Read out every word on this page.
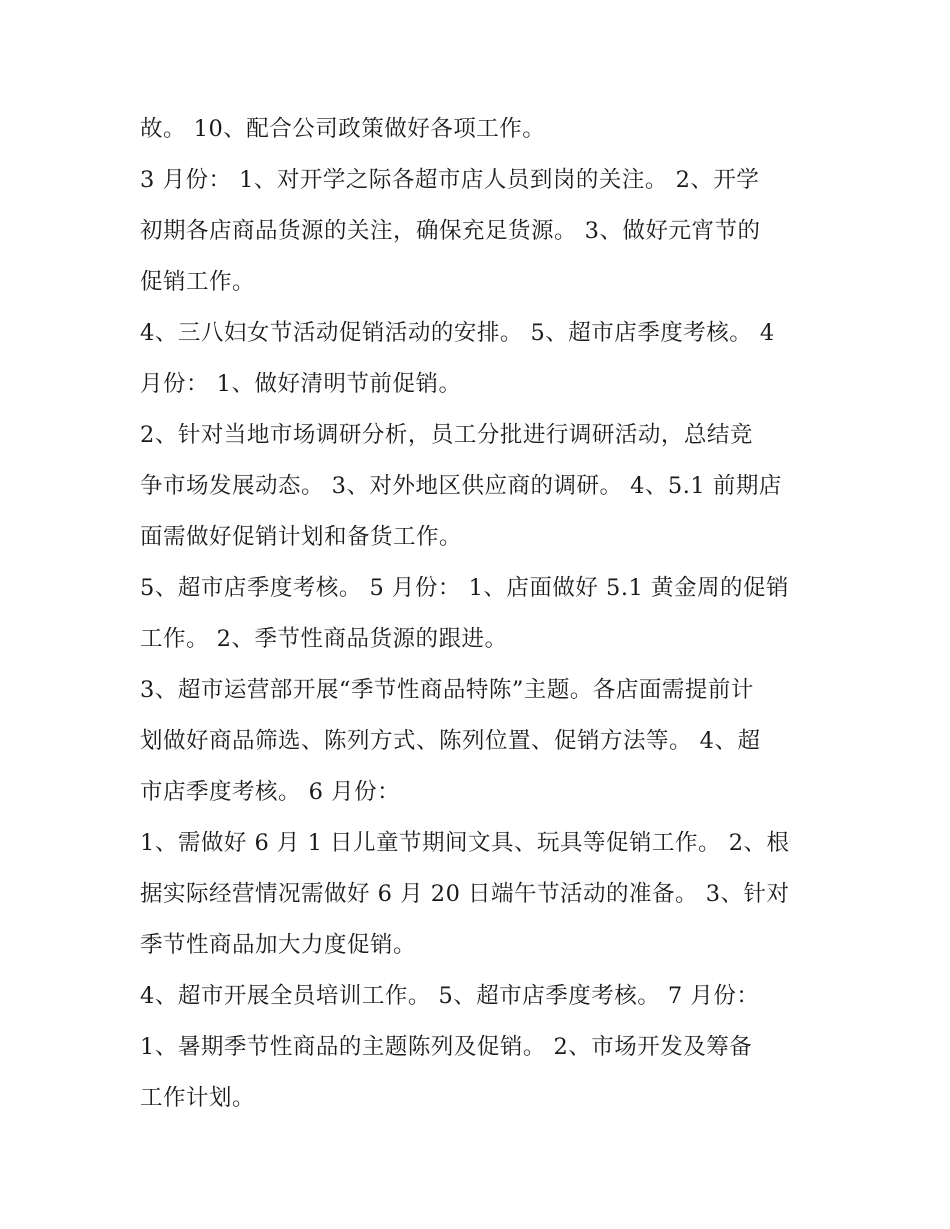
故。 10、配合公司政策做好各项工作。
3 月份： 1、对开学之际各超市店人员到岗的关注。 2、开学
初期各店商品货源的关注，确保充足货源。 3、做好元宵节的
促销工作。
4、三八妇女节活动促销活动的安排。 5、超市店季度考核。 4
月份： 1、做好清明节前促销。
2、针对当地市场调研分析，员工分批进行调研活动，总结竞
争市场发展动态。 3、对外地区供应商的调研。 4、5.1 前期店
面需做好促销计划和备货工作。
5、超市店季度考核。 5 月份： 1、店面做好 5.1 黄金周的促销
工作。 2、季节性商品货源的跟进。
3、超市运营部开展“季节性商品特陈”主题。各店面需提前计
划做好商品筛选、陈列方式、陈列位置、促销方法等。 4、超
市店季度考核。 6 月份：
1、需做好 6 月 1 日儿童节期间文具、玩具等促销工作。 2、根
据实际经营情况需做好 6 月 20 日端午节活动的准备。 3、针对
季节性商品加大力度促销。
4、超市开展全员培训工作。 5、超市店季度考核。 7 月份：
1、暑期季节性商品的主题陈列及促销。 2、市场开发及筹备
工作计划。
